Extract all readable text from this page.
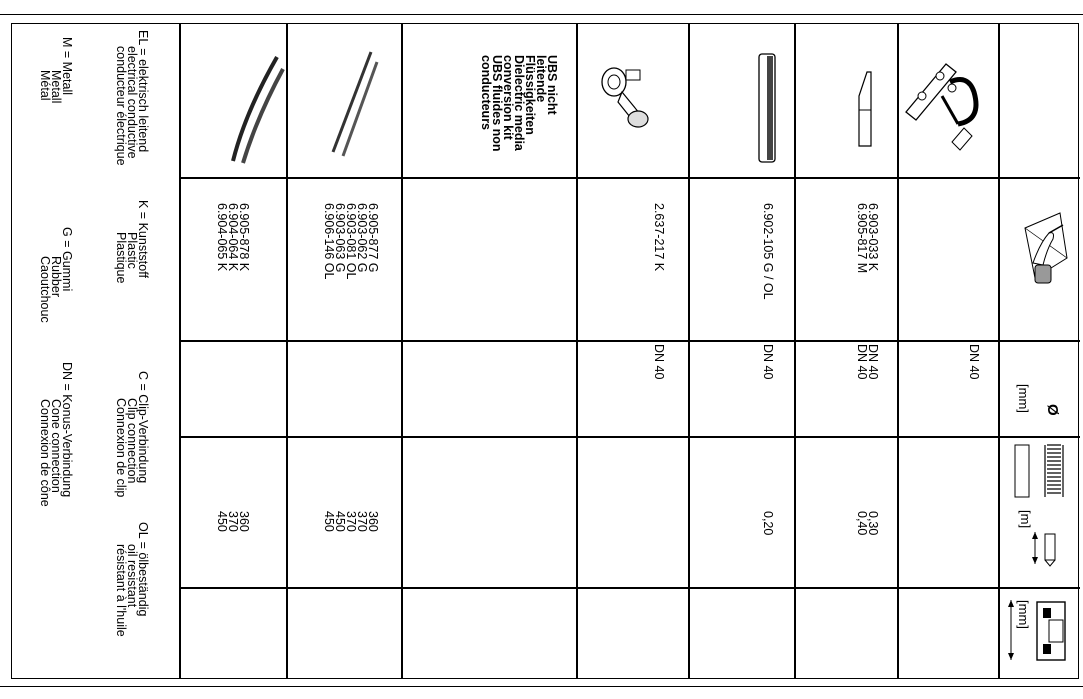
EL = elektrisch leitend
electrical conductive
conducteur électrique
M = Metall
Metall
Métal
K = Kunststoff
Plastic
Plastique
G = Gummi
Rubber
Caoutchouc
C = Clip-Verbindung
Clip connection
Connexion de clip
DN = Konus-Verbindung
Cone connection
Connexion de cône
OL = ölbeständig
oil resistant
résistant à l'huile
Ø
[mm]
[m]
[mm]
6.905-878 K
6.904-064 K
6.904-065 K
360
370
450
6.905-877 G
6.903-062 G
6.903-081 OL
6.903-063 G
6.906-146 OL
360
370
370
450
450
UBS nicht
leitende
Flüssigkeiten
Dielectric media
conversion kit
UBS fluides non
conducteurs
2.637-217 K
DN 40
6.902-105 G / OL
DN 40
0,20
6.903-033 K
6.905-817 M
DN 40
DN 40
0,30
0,40
DN 40
